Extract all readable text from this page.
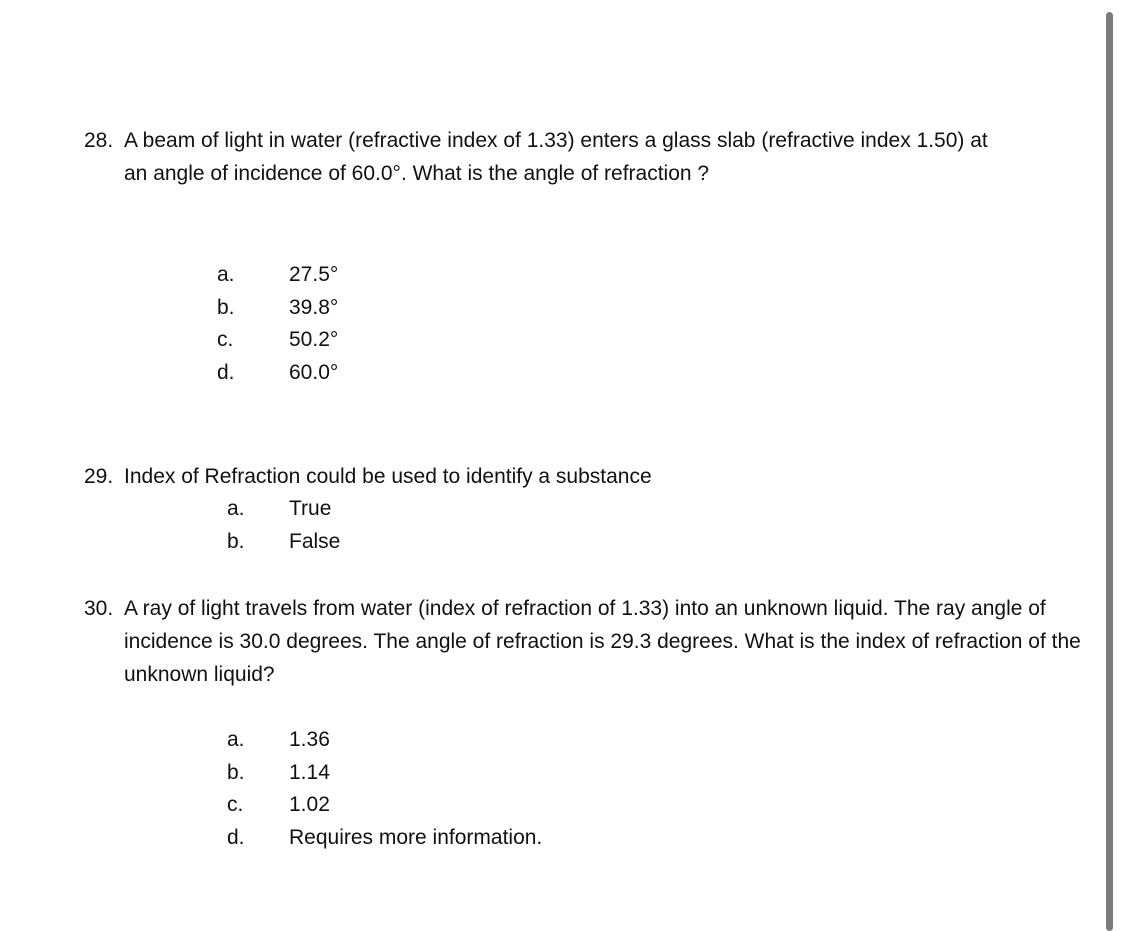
28. A beam of light in water (refractive index of 1.33) enters a glass slab (refractive index 1.50) at an angle of incidence of 60.0°. What is the angle of refraction ?
a.	27.5°
b.	39.8°
c.	50.2°
d.	60.0°
29. Index of Refraction could be used to identify a substance
a. True
b. False
30. A ray of light travels from water (index of refraction of 1.33) into an unknown liquid. The ray angle of incidence is 30.0 degrees. The angle of refraction is 29.3 degrees. What is the index of refraction of the unknown liquid?
a. 1.36
b. 1.14
c. 1.02
d. Requires more information.
